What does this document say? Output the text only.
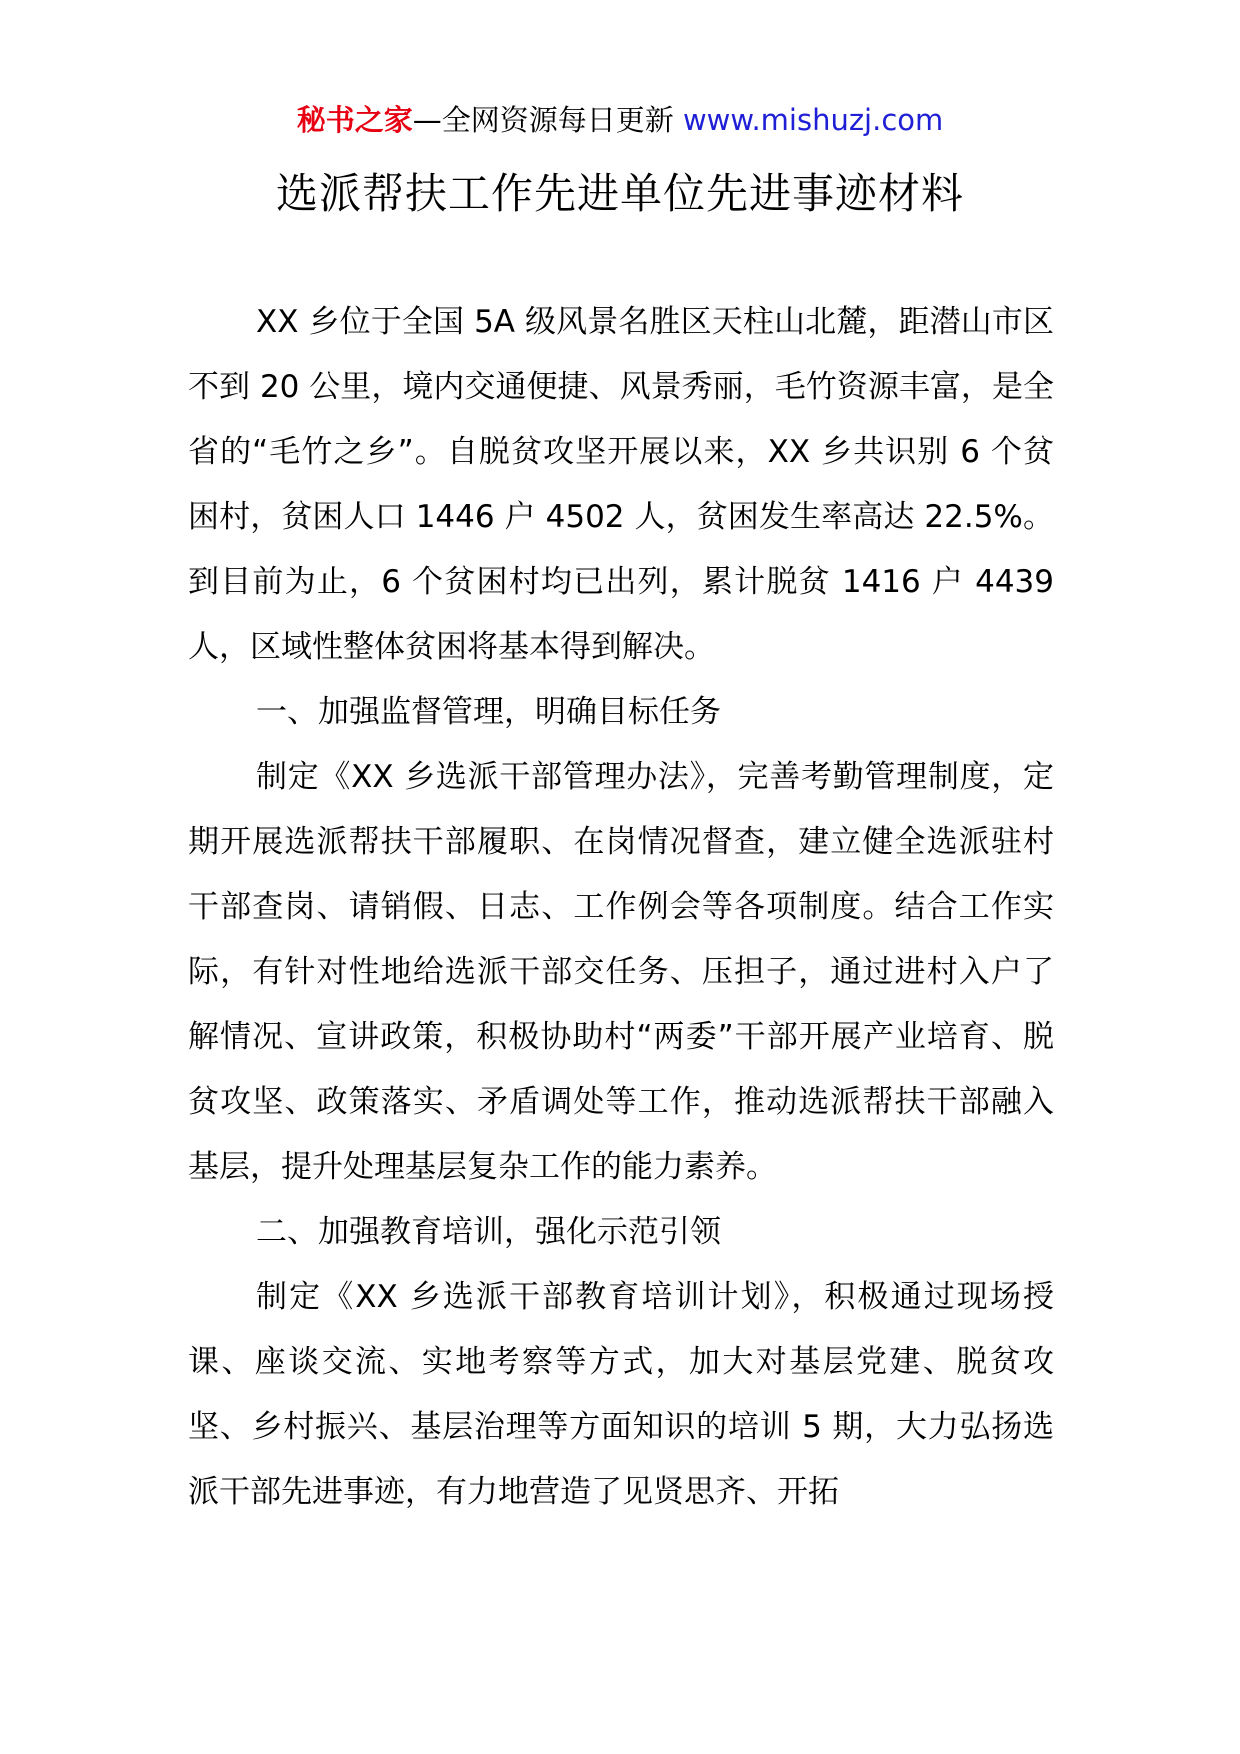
秘书之家—全网资源每日更新 www.mishuzj.com
选派帮扶工作先进单位先进事迹材料

XX 乡位于全国 5A 级风景名胜区天柱山北麓，距潜山市区不到 20 公里，境内交通便捷、风景秀丽，毛竹资源丰富，是全省的“毛竹之乡”。自脱贫攻坚开展以来，XX 乡共识别 6 个贫困村，贫困人口 1446 户 4502 人，贫困发生率高达 22.5%。到目前为止，6 个贫困村均已出列，累计脱贫 1416 户 4439 人，区域性整体贫困将基本得到解决。

一、加强监督管理，明确目标任务

制定《XX 乡选派干部管理办法》，完善考勤管理制度，定期开展选派帮扶干部履职、在岗情况督查，建立健全选派驻村干部查岗、请销假、日志、工作例会等各项制度。结合工作实际，有针对性地给选派干部交任务、压担子，通过进村入户了解情况、宣讲政策，积极协助村“两委”干部开展产业培育、脱贫攻坚、政策落实、矛盾调处等工作，推动选派帮扶干部融入基层，提升处理基层复杂工作的能力素养。

二、加强教育培训，强化示范引领

制定《XX 乡选派干部教育培训计划》，积极通过现场授课、座谈交流、实地考察等方式，加大对基层党建、脱贫攻坚、乡村振兴、基层治理等方面知识的培训 5 期，大力弘扬选派干部先进事迹，有力地营造了见贤思齐、开拓
